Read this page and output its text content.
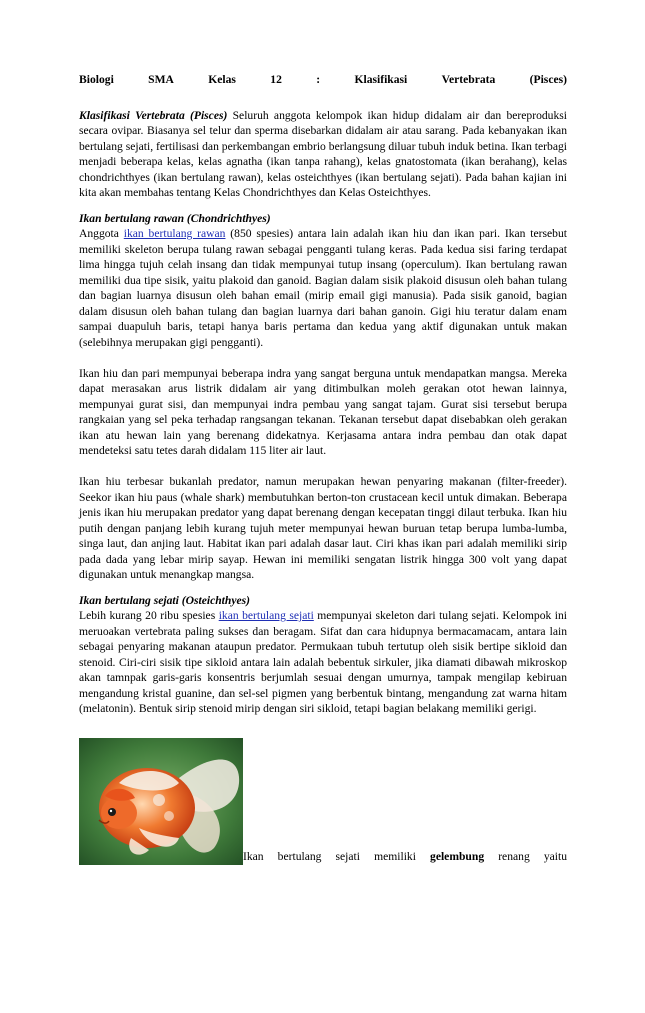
Biologi	SMA	Kelas	12	:	Klasifikasi	Vertebrata	(Pisces)

Klasifikasi Vertebrata (Pisces) Seluruh anggota kelompok ikan hidup didalam air dan bereproduksi secara ovipar. Biasanya sel telur dan sperma disebarkan didalam air atau sarang. Pada kebanyakan ikan bertulang sejati, fertilisasi dan perkembangan embrio berlangsung diluar tubuh induk betina. Ikan terbagi menjadi beberapa kelas, kelas agnatha (ikan tanpa rahang), kelas gnatostomata (ikan berahang), kelas chondrichthyes (ikan bertulang rawan), kelas osteichthyes (ikan bertulang sejati). Pada bahan kajian ini kita akan membahas tentang Kelas Chondrichthyes dan Kelas Osteichthyes.

Ikan bertulang rawan (Chondrichthyes)

Anggota ikan bertulang rawan (850 spesies) antara lain adalah ikan hiu dan ikan pari. Ikan tersebut memiliki skeleton berupa tulang rawan sebagai pengganti tulang keras. Pada kedua sisi faring terdapat lima hingga tujuh celah insang dan tidak mempunyai tutup insang (operculum). Ikan bertulang rawan memiliki dua tipe sisik, yaitu plakoid dan ganoid. Bagian dalam sisik plakoid disusun oleh bahan tulang dan bagian luarnya disusun oleh bahan email (mirip email gigi manusia). Pada sisik ganoid, bagian dalam disusun oleh bahan tulang dan bagian luarnya dari bahan ganoin. Gigi hiu teratur dalam enam sampai duapuluh baris, tetapi hanya baris pertama dan kedua yang aktif digunakan untuk makan (selebihnya merupakan gigi pengganti).

Ikan hiu dan pari mempunyai beberapa indra yang sangat berguna untuk mendapatkan mangsa. Mereka dapat merasakan arus listrik didalam air yang ditimbulkan moleh gerakan otot hewan lainnya, mempunyai gurat sisi, dan mempunyai indra pembau yang sangat tajam. Gurat sisi tersebut berupa rangkaian yang sel peka terhadap rangsangan tekanan. Tekanan tersebut dapat disebabkan oleh gerakan ikan atu hewan lain yang berenang didekatnya. Kerjasama antara indra pembau dan otak dapat mendeteksi satu tetes darah didalam 115 liter air laut.

Ikan hiu terbesar bukanlah predator, namun merupakan hewan penyaring makanan (filter-freeder). Seekor ikan hiu paus (whale shark) membutuhkan berton-ton crustacean kecil untuk dimakan. Beberapa jenis ikan hiu merupakan predator yang dapat berenang dengan kecepatan tinggi dilaut terbuka. Ikan hiu putih dengan panjang lebih kurang tujuh meter mempunyai hewan buruan tetap berupa lumba-lumba, singa laut, dan anjing laut. Habitat ikan pari adalah dasar laut. Ciri khas ikan pari adalah memiliki sirip pada dada yang lebar mirip sayap. Hewan ini memiliki sengatan listrik hingga 300 volt yang dapat digunakan untuk menangkap mangsa.

Ikan bertulang sejati (Osteichthyes)

Lebih kurang 20 ribu spesies ikan bertulang sejati mempunyai skeleton dari tulang sejati. Kelompok ini meruoakan vertebrata paling sukses dan beragam. Sifat dan cara hidupnya bermacamacam, antara lain sebagai penyaring makanan ataupun predator. Permukaan tubuh tertutup oleh sisik bertipe sikloid dan stenoid. Ciri-ciri sisik tipe sikloid antara lain adalah bebentuk sirkuler, jika diamati dibawah mikroskop akan tamnpak garis-garis konsentris berjumlah sesuai dengan umurnya, tampak mengilap kebiruan mengandung kristal guanine, dan sel-sel pigmen yang berbentuk bintang, mengandung zat warna hitam (melatonin). Bentuk sirip stenoid mirip dengan siri sikloid, tetapi bagian belakang memiliki gerigi.

Ikan bertulang sejati memiliki gelembung renang yaitu
